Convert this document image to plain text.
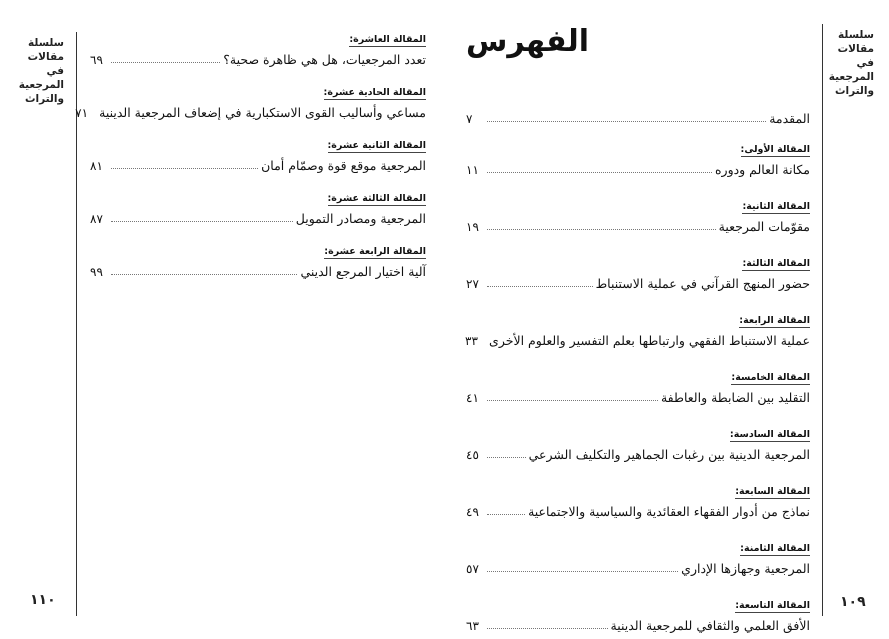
سلسلة
مقالات
في
المرجعية
والتراث
١٠٩
الفهرس
المقدمة
٧
المقالة الأولى:
مكانة العالم ودوره
١١
المقالة الثانية:
مقوّمات المرجعية
١٩
المقالة الثالثة:
حضور المنهج القرآني في عملية الاستنباط
٢٧
المقالة الرابعة:
عملية الاستنباط الفقهي وارتباطها بعلم التفسير والعلوم الأخرى
٣٣
المقالة الخامسة:
التقليد بين الضابطة والعاطفة
٤١
المقالة السادسة:
المرجعية الدينية بين رغبات الجماهير والتكليف الشرعي
٤٥
المقالة السابعة:
نماذج من أدوار الفقهاء العقائدية والسياسية والاجتماعية
٤٩
المقالة الثامنة:
المرجعية وجهازها الإداري
٥٧
المقالة التاسعة:
الأفق العلمي والثقافي للمرجعية الدينية
٦٣
سلسلة
مقالات
في
المرجعية
والتراث
١١٠
المقالة العاشرة:
تعدد المرجعيات، هل هي ظاهرة صحية؟
٦٩
المقالة الحادية عشرة:
مساعي وأساليب القوى الاستكبارية في إضعاف المرجعية الدينية
٧١
المقالة الثانية عشرة:
المرجعية موقع قوة وصمّام أمان
٨١
المقالة الثالثة عشرة:
المرجعية ومصادر التمويل
٨٧
المقالة الرابعة عشرة:
آلية اختيار المرجع الديني
٩٩
